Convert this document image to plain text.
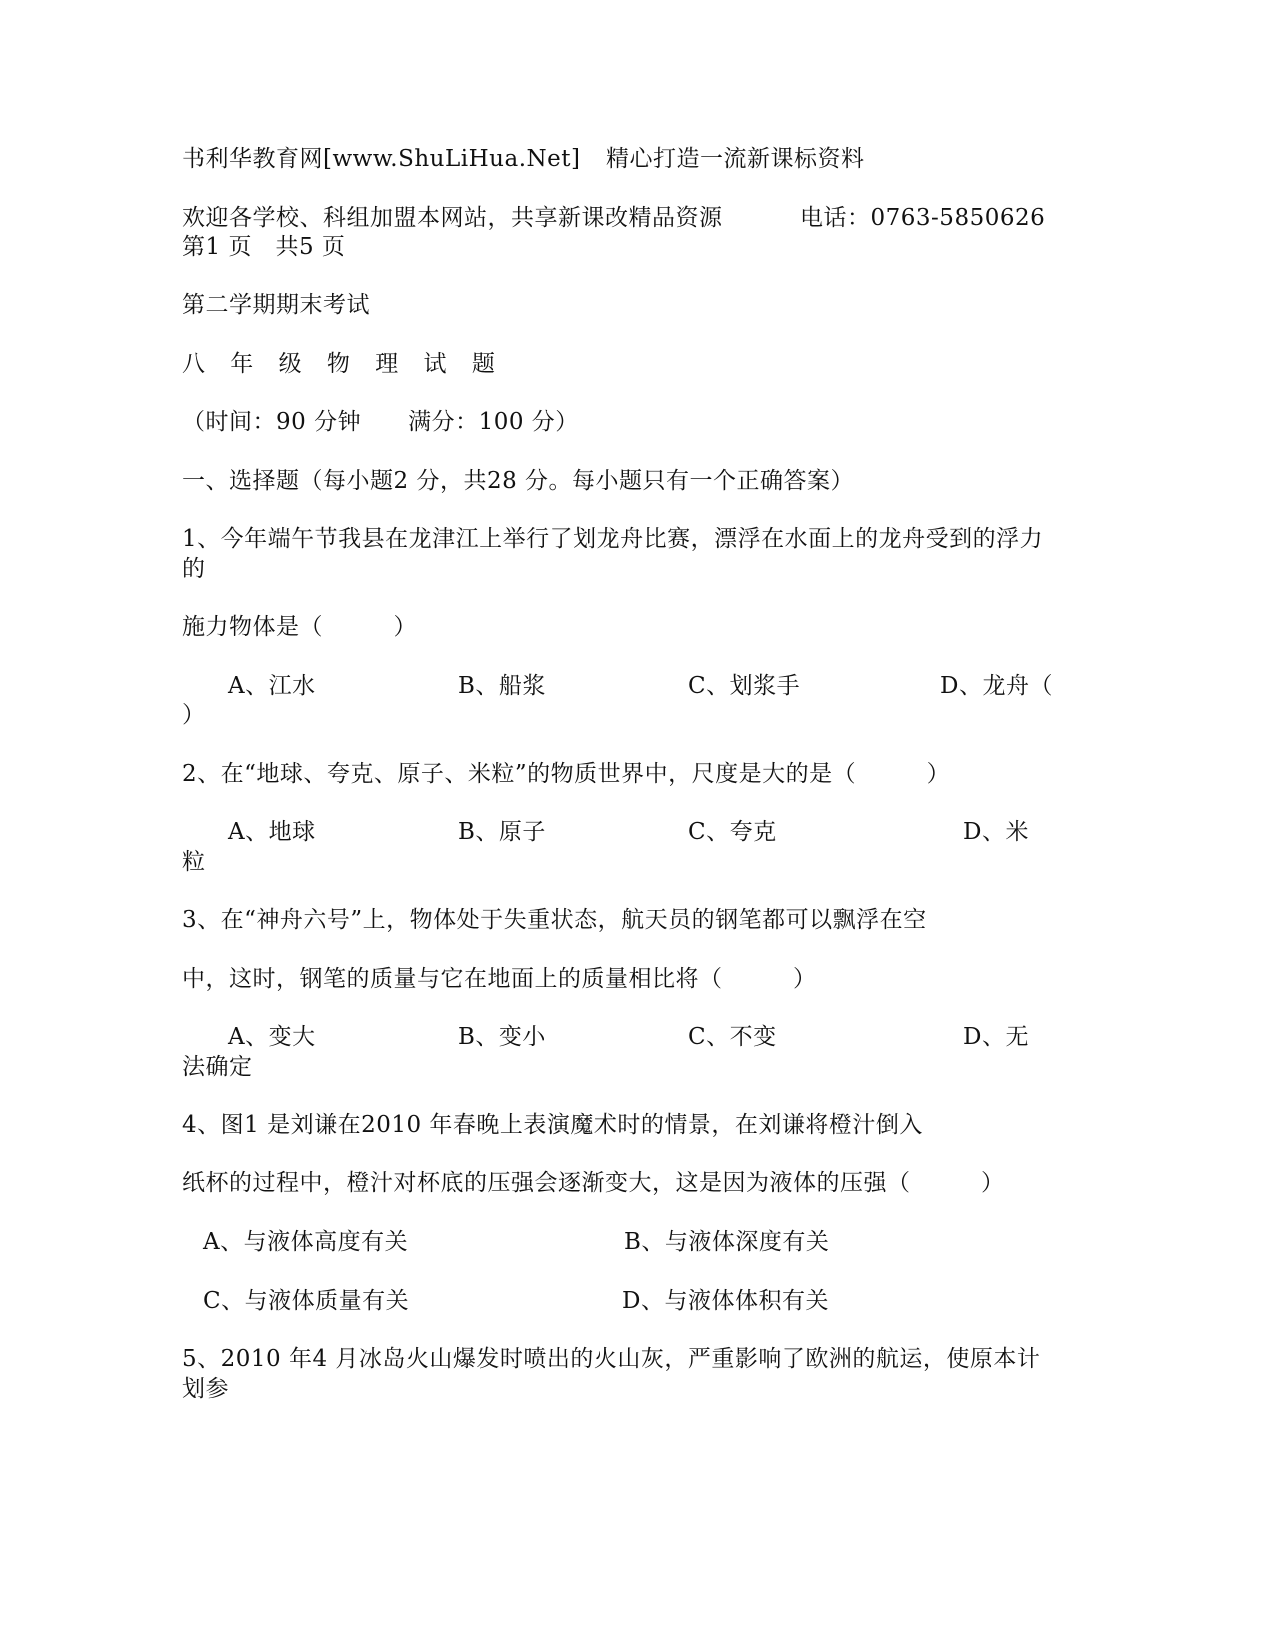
书利华教育网[www.ShuLiHua.Net] 精心打造一流新课标资料
欢迎各学校、科组加盟本网站，共享新课改精品资源	电话：0763-5850626
第1 页　共5 页
第二学期期末考试
八 年 级 物 理 试 题
（时间：90 分钟　　满分：100 分）
一、选择题（每小题2 分，共28 分。每小题只有一个正确答案）
1、今年端午节我县在龙津江上举行了划龙舟比赛，漂浮在水面上的龙舟受到的浮力
的
施力物体是（　　　）
A、江水	B、船浆	C、划浆手	D、龙舟（
）
2、在“地球、夸克、原子、米粒”的物质世界中，尺度是大的是（　　　）
A、地球	B、原子	C、夸克	D、米
粒
3、在“神舟六号”上，物体处于失重状态，航天员的钢笔都可以飘浮在空
中，这时，钢笔的质量与它在地面上的质量相比将（　　　）
A、变大	B、变小	C、不变	D、无
法确定
4、图1 是刘谦在2010 年春晚上表演魔术时的情景，在刘谦将橙汁倒入
纸杯的过程中，橙汁对杯底的压强会逐渐变大，这是因为液体的压强（　　　）
A、与液体高度有关	B、与液体深度有关
C、与液体质量有关	D、与液体体积有关
5、2010 年4 月冰岛火山爆发时喷出的火山灰，严重影响了欧洲的航运，使原本计
划参
